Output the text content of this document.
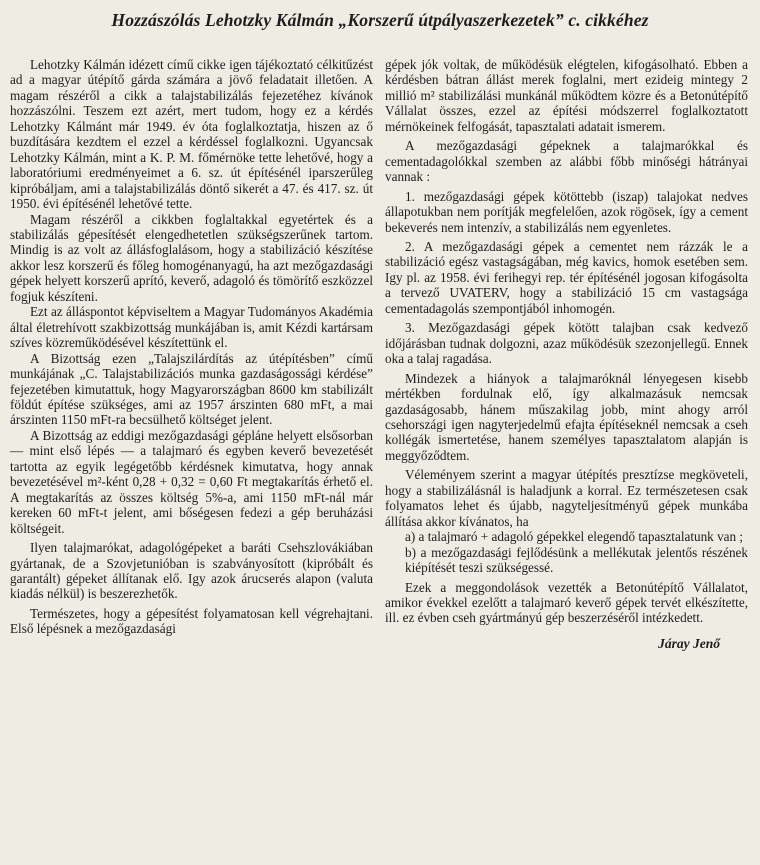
Hozzászólás Lehotzky Kálmán „Korszerű útpályaszerkezetek” c. cikkéhez

Lehotzky Kálmán idézett című cikke igen tájékoztató célkitűzést ad a magyar útépítő gárda számára a jövő feladatait illetően. A magam részéről a cikk a talajstabilizálás fejezetéhez kívánok hozzászólni. Teszem ezt azért, mert tudom, hogy ez a kérdés Lehotzky Kálmánt már 1949. év óta foglalkoztatja, hiszen az ő buzdítására kezdtem el ezzel a kérdéssel foglalkozni. Ugyancsak Lehotzky Kálmán, mint a K. P. M. főmérnöke tette lehetővé, hogy a laboratóriumi eredményeimet a 6. sz. út építésénél iparszerűleg kipróbáljam, ami a talajstabilizálás döntő sikerét a 47. és 417. sz. út 1950. évi építésénél lehetővé tette.

Magam részéről a cikkben foglaltakkal egyetértek és a stabilizálás gépesítését elengedhetetlen szükségszerűnek tartom. Mindig is az volt az állásfoglalásom, hogy a stabilizáció készítése akkor lesz korszerű és főleg homogénanyagú, ha azt mezőgazdasági gépek helyett korszerű aprító, keverő, adagoló és tömörítő eszközzel fogjuk készíteni.

Ezt az álláspontot képviseltem a Magyar Tudományos Akadémia által életrehívott szakbizottság munkájában is, amit Kézdi kartársam szíves közreműködésével készítettünk el.

A Bizottság ezen „Talajszilárdítás az útépítésben” című munkájának „C. Talajstabilizációs munka gazdaságossági kérdése” fejezetében kimutattuk, hogy Magyarországban 8600 km stabilizált földút építése szükséges, ami az 1957 árszinten 680 mFt, a mai árszinten 1150 mFt-ra becsülhető költséget jelent.

A Bizottság az eddigi mezőgazdasági gépláne helyett elsősorban — mint első lépés — a talajmaró és egyben keverő bevezetését tartotta az egyik legégetőbb kérdésnek kimutatva, hogy annak bevezetésével m²-ként 0,28 + 0,32 = 0,60 Ft megtakarítás érhető el. A megtakarítás az összes költség 5%-a, ami 1150 mFt-nál már kereken 60 mFt-t jelent, ami bőségesen fedezi a gép beruházási költségeit.

Ilyen talajmarókat, adagológépeket a baráti Csehszlovákiában gyártanak, de a Szovjetunióban is szabványosított (kipróbált és garantált) gépeket állítanak elő. Igy azok árucserés alapon (valuta kiadás nélkül) is beszerezhetők.

Természetes, hogy a gépesítést folyamatosan kell végrehajtani. Első lépésnek a mezőgazdasági

gépek jók voltak, de működésük elégtelen, kifogásolható. Ebben a kérdésben bátran állást merek foglalni, mert ezideig mintegy 2 millió m² stabilizálási munkánál működtem közre és a Betonútépítő Vállalat összes, ezzel az építési módszerrel foglalkoztatott mérnökeinek felfogását, tapasztalati adatait ismerem.

A mezőgazdasági gépeknek a talajmarókkal és cementadagolókkal szemben az alábbi főbb minőségi hátrányai vannak :

1. mezőgazdasági gépek kötöttebb (iszap) talajokat nedves állapotukban nem porítják megfelelően, azok rögösek, így a cement bekeverés nem intenzív, a stabilizálás nem egyenletes.

2. A mezőgazdasági gépek a cementet nem rázzák le a stabilizáció egész vastagságában, még kavics, homok esetében sem. Igy pl. az 1958. évi ferihegyi rep. tér építésénél jogosan kifogásolta a tervező UVATERV, hogy a stabilizáció 15 cm vastagsága cementadagolás szempontjából inhomogén.

3. Mezőgazdasági gépek kötött talajban csak kedvező időjárásban tudnak dolgozni, azaz működésük szezonjellegű. Ennek oka a talaj ragadása.

Mindezek a hiányok a talajmaróknál lényegesen kisebb mértékben fordulnak elő, így alkalmazásuk nemcsak gazdaságosabb, hánem műszakilag jobb, mint ahogy arról csehországi igen nagyterjedelmű efajta építéseknél nemcsak a cseh kollégák ismertetése, hanem személyes tapasztalatom alapján is meggyőződtem.

Véleményem szerint a magyar útépítés presztízse megköveteli, hogy a stabilizálásnál is haladjunk a korral. Ez természetesen csak folyamatos lehet és újabb, nagyteljesítményű gépek munkába állítása akkor kívánatos, ha

a) a talajmaró + adagoló gépekkel elegendő tapasztalatunk van ;

b) a mezőgazdasági fejlődésünk a mellékutak jelentős részének kiépítését teszi szükségessé.

Ezek a meggondolások vezették a Betonútépítő Vállalatot, amikor évekkel ezelőtt a talajmaró keverő gépek tervét elkészítette, ill. ez évben cseh gyártmányú gép beszerzéséről intézkedett.

Járay Jenő
